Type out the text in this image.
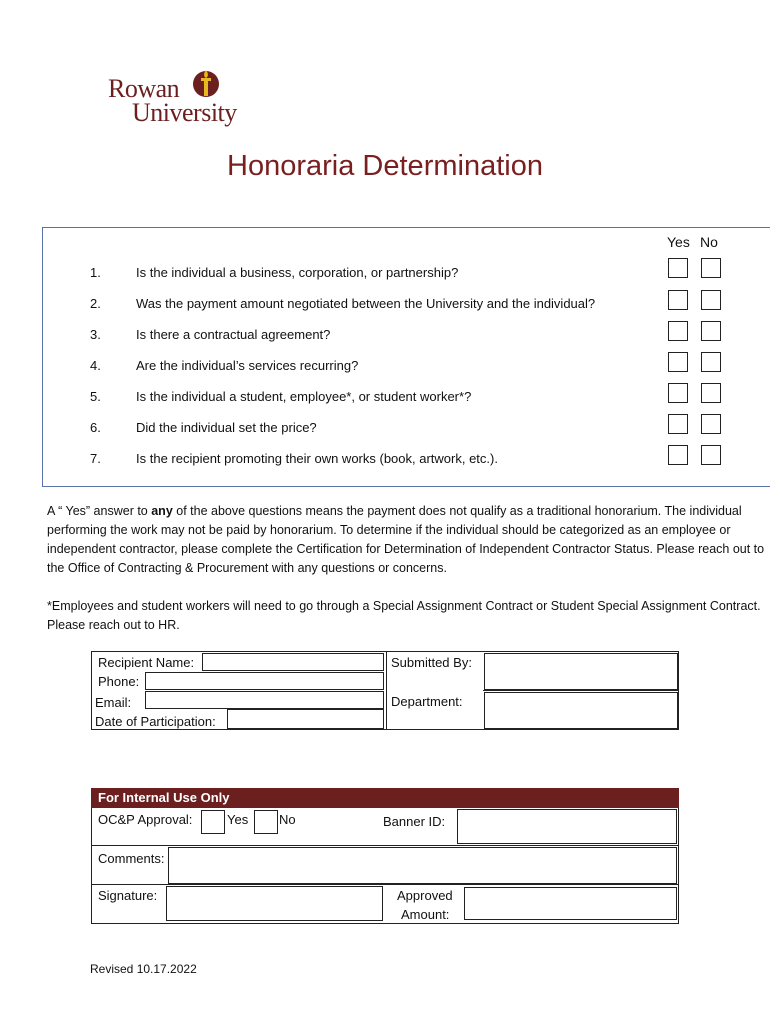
Rowan
University
Honoraria Determination
Yes No
1.	Is the individual a business, corporation, or partnership?
2.	Was the payment amount negotiated between the University and the individual?
3.	Is there a contractual agreement?
4.	Are the individual’s services recurring?
5.	Is the individual a student, employee*, or student worker*?
6.	Did the individual set the price?
7.	Is the recipient promoting their own works (book, artwork, etc.).
A “ Yes” answer to any of the above questions means the payment does not qualify as a traditional honorarium. The individual performing the work may not be paid by honorarium. To determine if the individual should be categorized as an employee or independent contractor, please complete the Certification for Determination of Independent Contractor Status. Please reach out to the Office of Contracting & Procurement with any questions or concerns.
*Employees and student workers will need to go through a Special Assignment Contract or Student Special Assignment Contract. Please reach out to HR.
Recipient Name:
Phone:
Email:
Date of Participation:
Submitted By:
Department:
For Internal Use Only
OC&P Approval:	Yes No	Banner ID:
Comments:
Signature:	Approved
Amount:
Revised 10.17.2022
